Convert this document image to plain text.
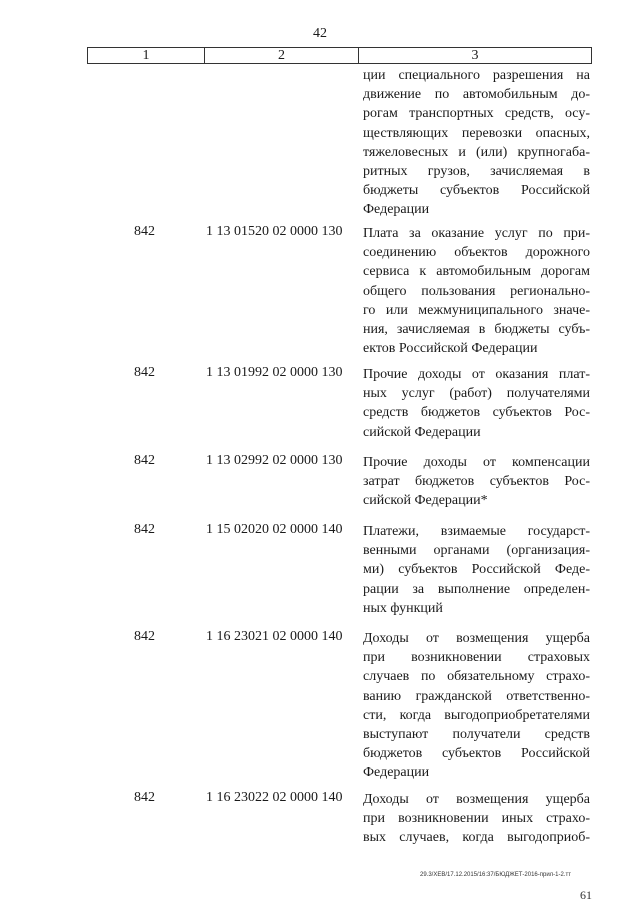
42
1	2	3
ции специального разрешения на
движение по автомобильным до-
рогам транспортных средств, осу-
ществляющих перевозки опасных,
тяжеловесных и (или) крупногаба-
ритных грузов, зачисляемая в
бюджеты субъектов Российской
Федерации
842	1 13 01520 02 0000 130 Плата за оказание услуг по при-
соединению объектов дорожного
сервиса к автомобильным дорогам
общего пользования регионально-
го или межмуниципального значе-
ния, зачисляемая в бюджеты субъ-
ектов Российской Федерации
842	1 13 01992 02 0000 130 Прочие доходы от оказания плат-
ных услуг (работ) получателями
средств бюджетов субъектов Рос-
сийской Федерации
842	1 13 02992 02 0000 130 Прочие доходы от компенсации
затрат бюджетов субъектов Рос-
сийской Федерации*
842	1 15 02020 02 0000 140 Платежи, взимаемые государст-
венными органами (организация-
ми) субъектов Российской Феде-
рации за выполнение определен-
ных функций
842	1 16 23021 02 0000 140 Доходы от возмещения ущерба
при возникновении страховых
случаев по обязательному страхо-
ванию гражданской ответственно-
сти, когда выгодоприобретателями
выступают получатели средств
бюджетов субъектов Российской
Федерации
842	1 16 23022 02 0000 140 Доходы от возмещения ущерба
при возникновении иных страхо-
вых случаев, когда выгодоприоб-
29.3/ХЕВ/17.12.2015/16:37/БЮДЖЕТ-2016-прил-1-2.тт
61
